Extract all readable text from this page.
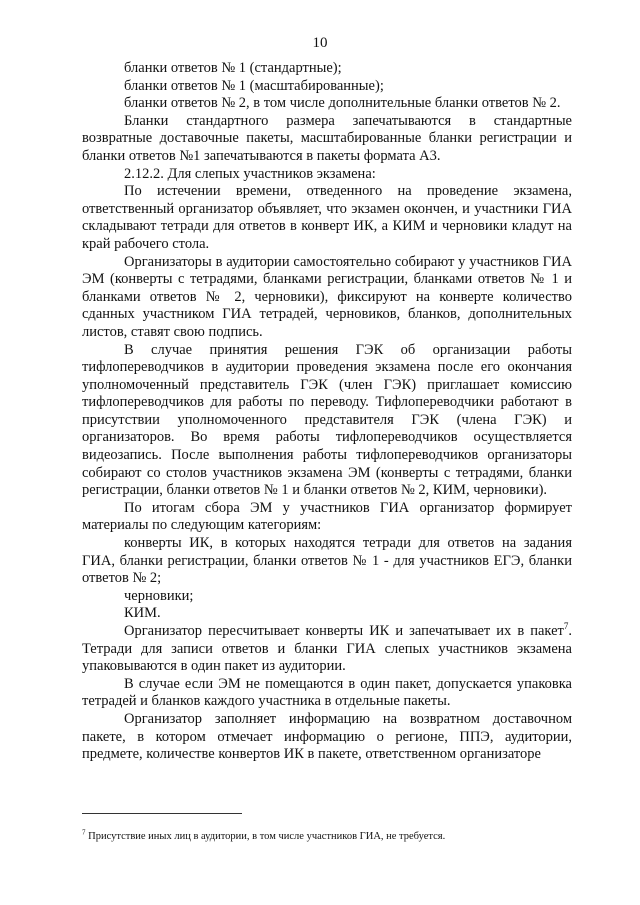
10

бланки ответов № 1 (стандартные);

бланки ответов № 1 (масштабированные);

бланки ответов № 2, в том числе дополнительные бланки ответов № 2.

Бланки стандартного размера запечатываются в стандартные возвратные доставочные пакеты, масштабированные бланки регистрации и бланки ответов №1 запечатываются в пакеты формата А3.

2.12.2. Для слепых участников экзамена:

По истечении времени, отведенного на проведение экзамена, ответственный организатор объявляет, что экзамен окончен, и участники ГИА складывают тетради для ответов в конверт ИК, а КИМ и черновики кладут на край рабочего стола.

Организаторы в аудитории самостоятельно собирают у участников ГИА ЭМ (конверты с тетрадями, бланками регистрации, бланками ответов № 1 и бланками ответов № 2, черновики), фиксируют на конверте количество сданных участником ГИА тетрадей, черновиков, бланков, дополнительных листов, ставят свою подпись.

В случае принятия решения ГЭК об организации работы тифлопереводчиков в аудитории проведения экзамена после его окончания уполномоченный представитель ГЭК (член ГЭК) приглашает комиссию тифлопереводчиков для работы по переводу. Тифлопереводчики работают в присутствии уполномоченного представителя ГЭК (члена ГЭК) и организаторов. Во время работы тифлопереводчиков осуществляется видеозапись. После выполнения работы тифлопереводчиков организаторы собирают со столов участников экзамена ЭМ (конверты с тетрадями, бланки регистрации, бланки ответов № 1 и бланки ответов № 2, КИМ, черновики).

По итогам сбора ЭМ у участников ГИА организатор формирует материалы по следующим категориям:

конверты ИК, в которых находятся тетради для ответов на задания ГИА, бланки регистрации, бланки ответов № 1 - для участников ЕГЭ, бланки ответов № 2;

черновики;

КИМ.

Организатор пересчитывает конверты ИК и запечатывает их в пакет$^7$.

Тетради для записи ответов и бланки ГИА слепых участников экзамена упаковываются в один пакет из аудитории.

В случае если ЭМ не помещаются в один пакет, допускается упаковка тетрадей и бланков каждого участника в отдельные пакеты.

Организатор заполняет информацию на возвратном доставочном пакете, в котором отмечает информацию о регионе, ППЭ, аудитории, предмете, количестве конвертов ИК в пакете, ответственном организаторе

$^7$ Присутствие иных лиц в аудитории, в том числе участников ГИА, не требуется.
